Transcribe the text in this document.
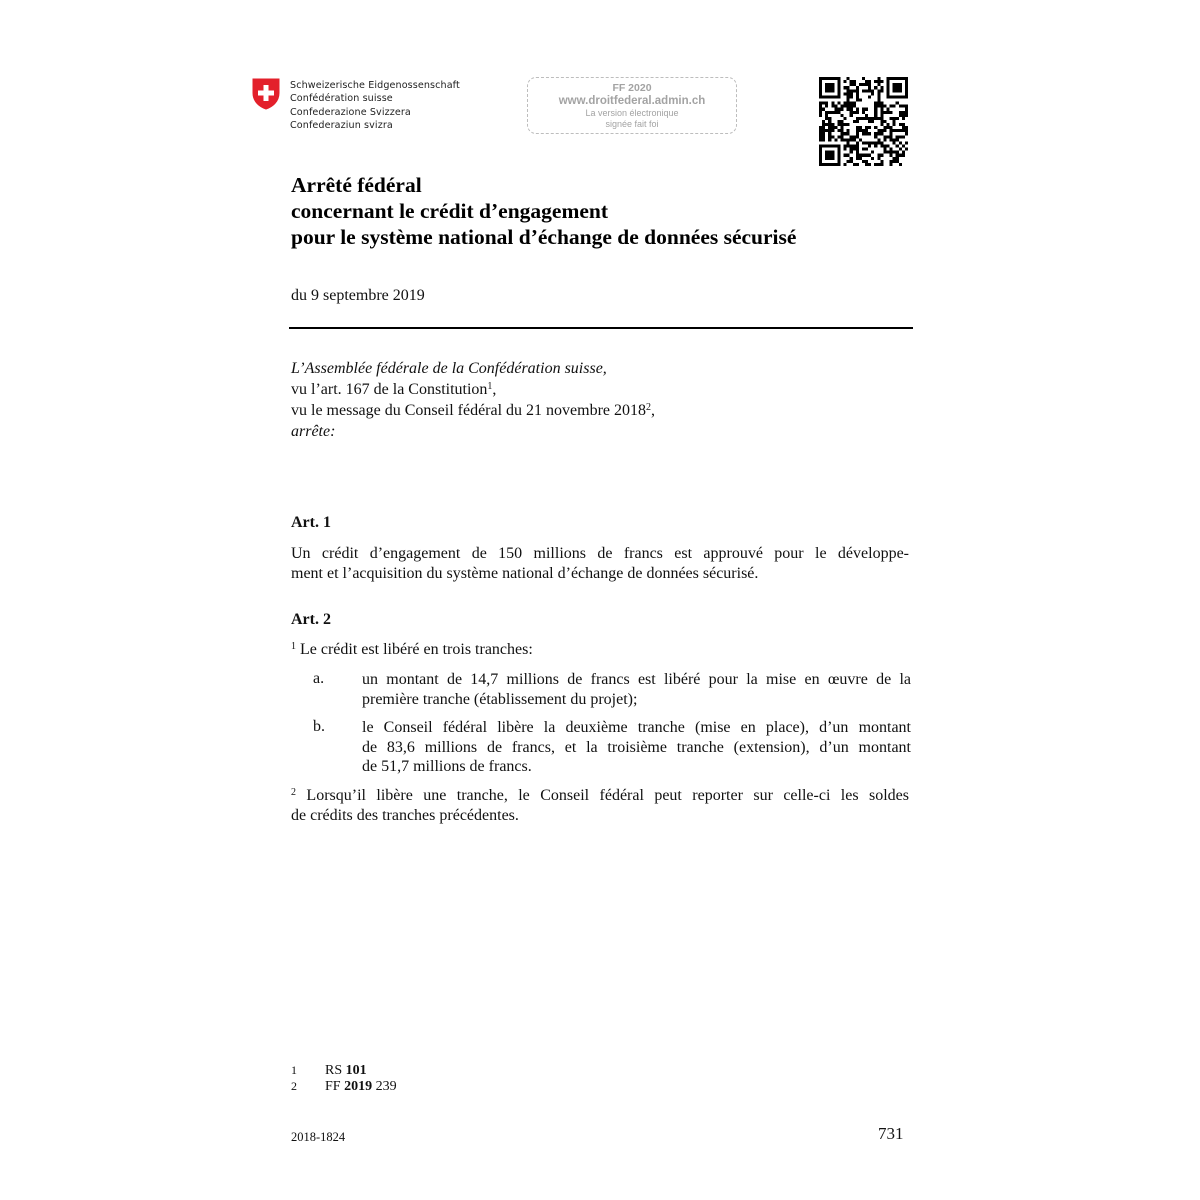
Schweizerische Eidgenossenschaft
Confédération suisse
Confederazione Svizzera
Confederaziun svizra
FF 2020
www.droitfederal.admin.ch
La version électronique
signée fait foi
Arrêté fédéral
concernant le crédit d’engagement
pour le système national d’échange de données sécurisé
du 9 septembre 2019
L’Assemblée fédérale de la Confédération suisse,
vu l’art. 167 de la Constitution$^1$,
vu le message du Conseil fédéral du 21 novembre 2018$^2$,
arrête:
Art. 1
Un crédit d’engagement de 150 millions de francs est approuvé pour le développe-
ment et l’acquisition du système national d’échange de données sécurisé.
Art. 2
$^1$ Le crédit est libéré en trois tranches:
a. un montant de 14,7 millions de francs est libéré pour la mise en œuvre de la
première tranche (établissement du projet);
b. le Conseil fédéral libère la deuxième tranche (mise en place), d’un montant
de 83,6 millions de francs, et la troisième tranche (extension), d’un montant
de 51,7 millions de francs.
$^2$ Lorsqu’il libère une tranche, le Conseil fédéral peut reporter sur celle-ci les soldes
de crédits des tranches précédentes.
1 RS 101
2 FF 2019 239
2018-1824	731
